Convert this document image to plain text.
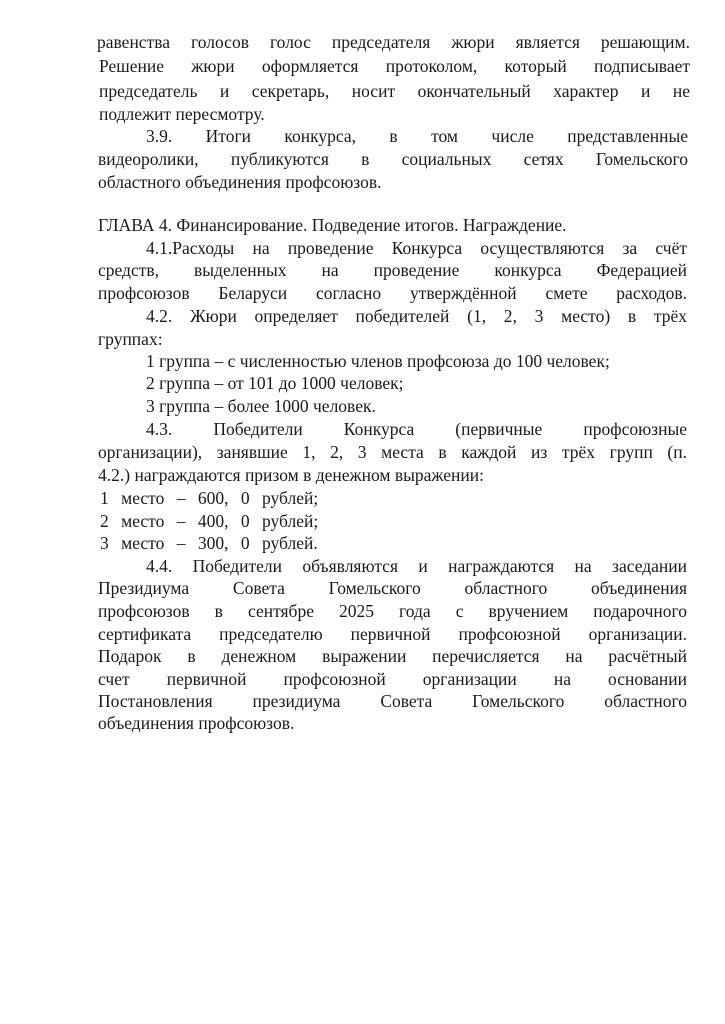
равенства голосов голос председателя жюри является решающим.
Решение жюри оформляется протоколом, который подписывает
председатель и секретарь, носит окончательный характер и не
подлежит пересмотру.
3.9. Итоги конкурса, в том числе представленные
видеоролики, публикуются в социальных сетях Гомельского
областного объединения профсоюзов.
ГЛАВА 4. Финансирование. Подведение итогов. Награждение.
4.1.Расходы на проведение Конкурса осуществляются за счёт
средств, выделенных на проведение конкурса Федерацией
профсоюзов Беларуси согласно утверждённой смете расходов.
4.2. Жюри определяет победителей (1, 2, 3 место) в трёх
группах:
1 группа – с численностью членов профсоюза до 100 человек;
2 группа – от 101 до 1000 человек;
3 группа – более 1000 человек.
4.3. Победители Конкурса (первичные профсоюзные
организации), занявшие 1, 2, 3 места в каждой из трёх групп (п.
4.2.) награждаются призом в денежном выражении:
1 место – 600, 0 рублей;
2 место – 400, 0 рублей;
3 место – 300, 0 рублей.
4.4. Победители объявляются и награждаются на заседании
Президиума Совета Гомельского областного объединения
профсоюзов в сентябре 2025 года с вручением подарочного
сертификата председателю первичной профсоюзной организации.
Подарок в денежном выражении перечисляется на расчётный
счет первичной профсоюзной организации на основании
Постановления президиума Совета Гомельского областного
объединения профсоюзов.
